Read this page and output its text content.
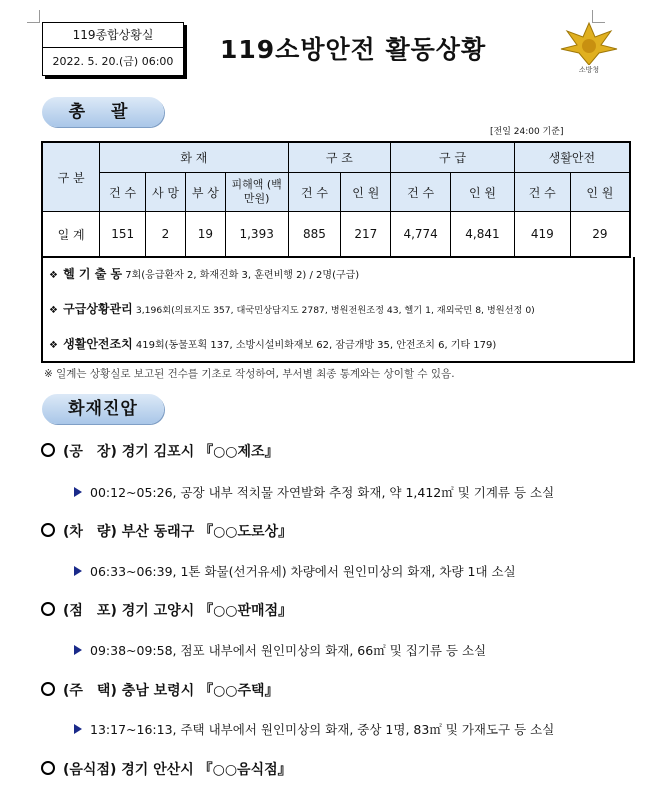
119종합상황실
2022. 5. 20.(금) 06:00	119소방안전 활동상황
소방청
총 괄
[전일 24:00 기준]
구 분	화 재				구 조		구 급		생활안전	
	건 수	사 망	부 상	피해액 (백만원)	건 수	인 원	건 수	인 원	건 수	인 원
일 계	151	2	19	1,393	885	217	4,774	4,841	419	29
❖ 헬 기 출 동 7회(응급환자 2, 화재진화 3, 훈련비행 2) / 2명(구급)
❖ 구급상황관리 3,196회(의료지도 357, 대국민상담지도 2787, 병원전원조정 43, 헬기 1, 재외국민 8, 병원선정 0)
❖ 생활안전조치 419회(동물포획 137, 소방시설비화재보 62, 잠금개방 35, 안전조치 6, 기타 179)
※ 일계는 상황실로 보고된 건수를 기초로 작성하여, 부서별 최종 통계와는 상이할 수 있음.
화재진압
(공　장) 경기 김포시 『○○제조』
00:12~05:26, 공장 내부 적치물 자연발화 추정 화재, 약 1,412㎡ 및 기계류 등 소실
(차　량) 부산 동래구 『○○도로상』
06:33~06:39, 1톤 화물(선거유세) 차량에서 원인미상의 화재, 차량 1대 소실
(점　포) 경기 고양시 『○○판매점』
09:38~09:58, 점포 내부에서 원인미상의 화재, 66㎡ 및 집기류 등 소실
(주　택) 충남 보령시 『○○주택』
13:17~16:13, 주택 내부에서 원인미상의 화재, 중상 1명, 83㎡ 및 가재도구 등 소실
(음식점) 경기 안산시 『○○음식점』
